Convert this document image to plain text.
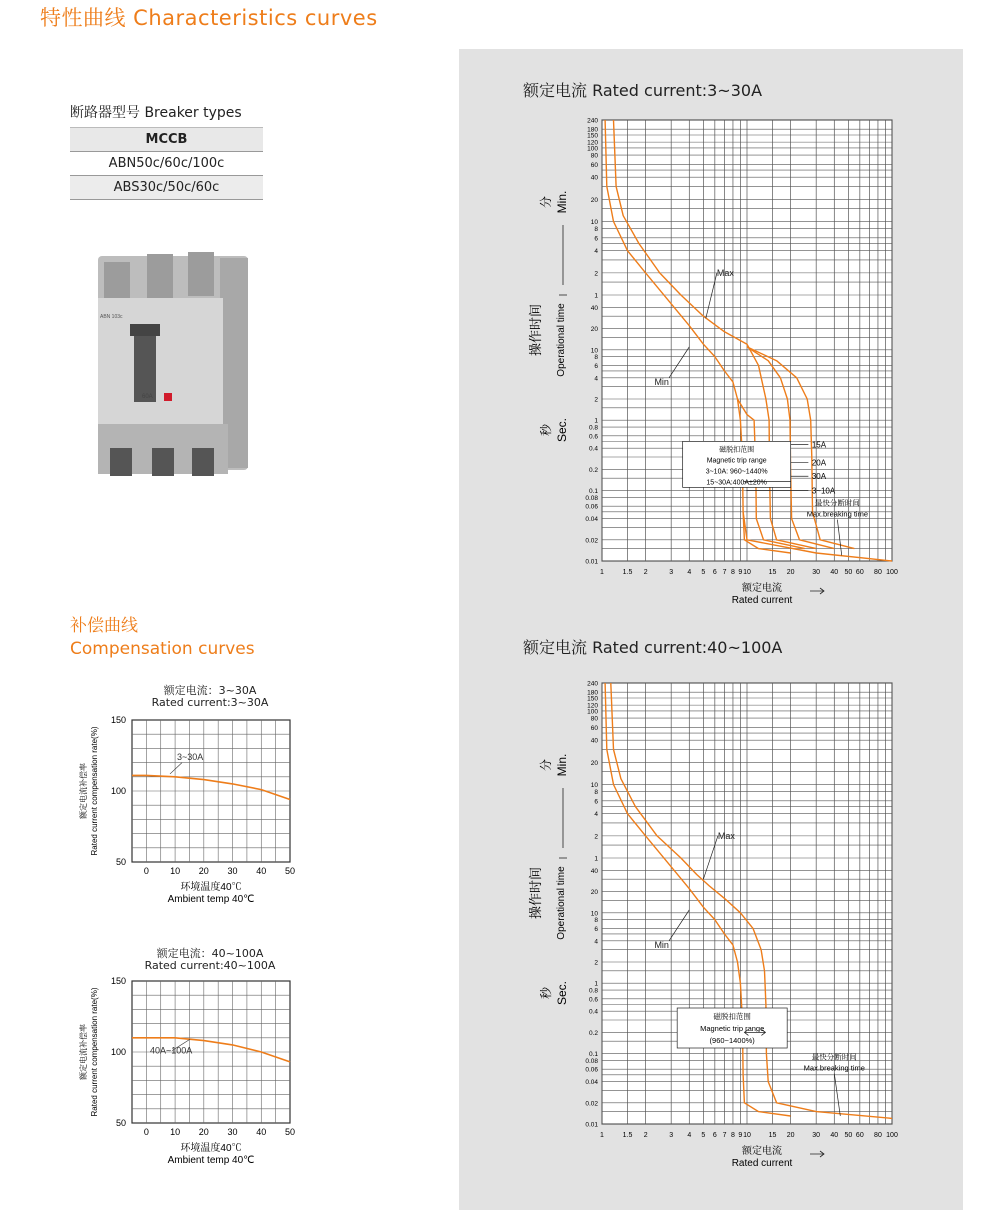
特性曲线 Characteristics curves
断路器型号 Breaker types
MCCB
ABN50c/60c/100c
ABS30c/50c/60c
ABN 103c
60A
补偿曲线
Compensation curves
额定电流：3~30A
Rated current:3~30A
0 10 20 30 40 50
150
100
50
3~30A
环境温度40℃
Ambient temp 40℃
额定电流补偿率 Rated current compensation rate(%)
额定电流：40~100A
Rated current:40~100A
0 10 20 30 40 50
150
100
50
40A~100A
环境温度40℃
Ambient temp 40℃
额定电流补偿率 Rated current compensation rate(%)
额定电流 Rated current:3~30A
240
180
150
120
100
80
60
40
20
10
8
6
4
2
1
40
20
10
8
6
4
2
1
0.8
0.6
0.4
0.2
0.1
0.08
0.06
0.04
0.02
0.01
1	1.5 2	3 4 5 6 7 8 9 10	15 20	30 40 50 60 80 100
额定电流
Rated current
分 Min.
操作时间 Operational time
秒 Sec.
15A
20A
30A
3~10A
磁脱扣范围
Magnetic trip range
3~10A: 960~1440%
15~30A:400A±20%
最快分断时间
Max.breaking time
Max
Min
额定电流 Rated current:40~100A
240
180
150
120
100
80
60
40
20
10
8
6
4
2
1
40
20
10
8
6
4
2
1
0.8
0.6
0.4
0.2
0.1
0.08
0.06
0.04
0.02
0.01
1	1.5 2	3 4 5 6 7 8 9 10	15 20	30 40 50 60 80 100
额定电流
Rated current
分 Min.
操作时间 Operational time
秒 Sec.
磁脱扣范围
Magnetic trip range
(960~1400%)
最快分断时间
Max.breaking time
Max
Min
